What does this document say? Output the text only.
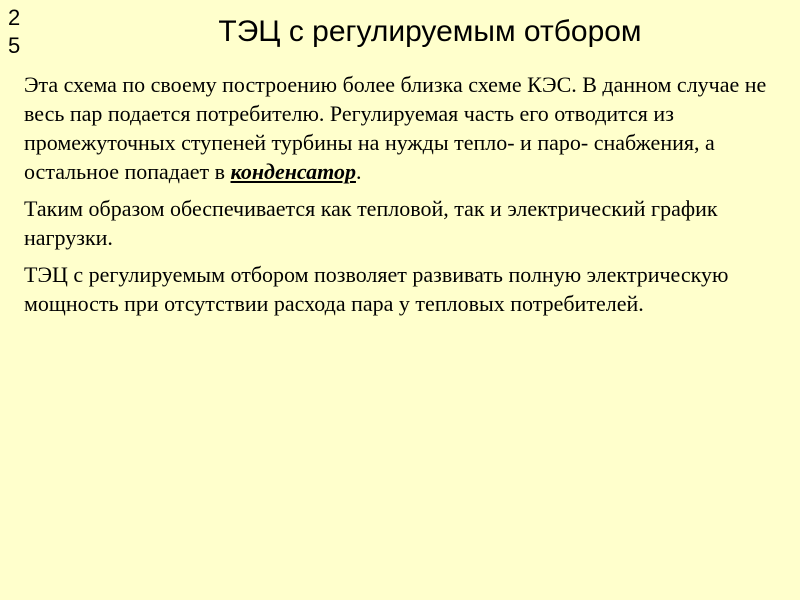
2
5	ТЭЦ с регулируемым отбором

Эта схема по своему построению более близка схеме КЭС. В данном случае не весь пар подается потребителю. Регулируемая часть его отводится из промежуточных ступеней турбины на нужды тепло- и паро- снабжения, а остальное попадает в конденсатор.

Таким образом обеспечивается как тепловой, так и электрический график нагрузки.

ТЭЦ с регулируемым отбором позволяет развивать полную электрическую мощность при отсутствии расхода пара у тепловых потребителей.
